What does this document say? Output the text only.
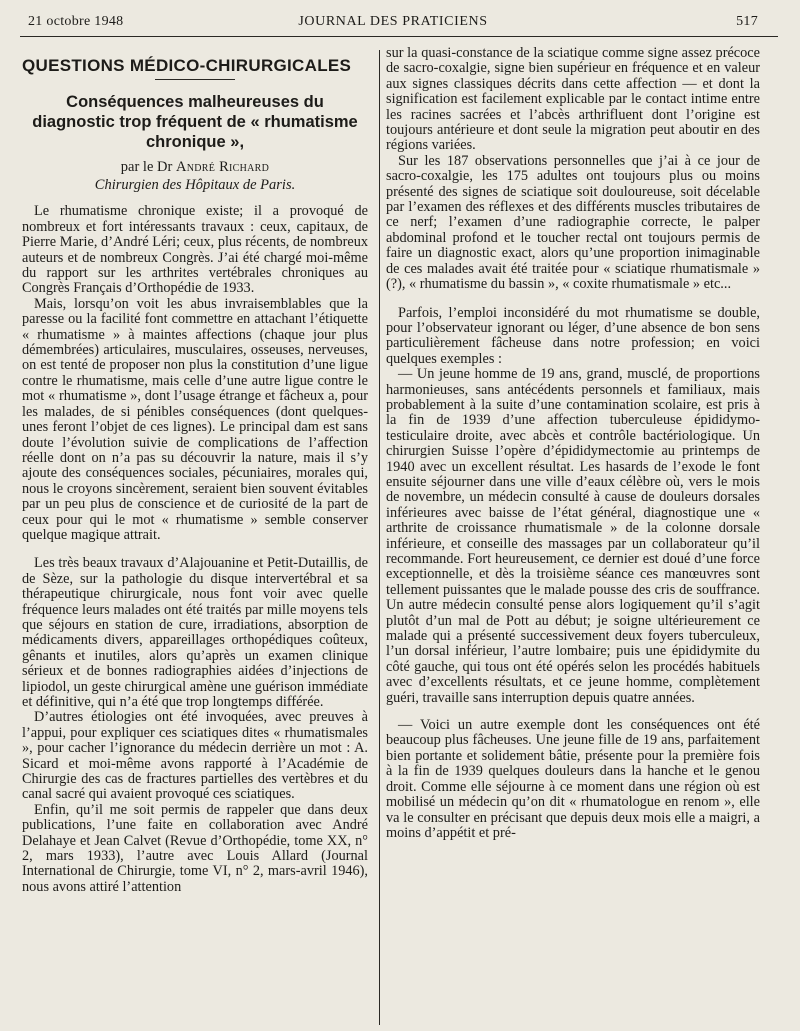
21 octobre 1948	JOURNAL DES PRATICIENS	517
QUESTIONS MÉDICO-CHIRURGICALES
Conséquences malheureuses du diagnostic trop fréquent de « rhumatisme chronique »,
par le Dr André Richard
Chirurgien des Hôpitaux de Paris.

Le rhumatisme chronique existe; il a provoqué de nombreux et fort intéressants travaux : ceux, capitaux, de Pierre Marie, d’André Léri; ceux, plus récents, de nombreux auteurs et de nombreux Congrès. J’ai été chargé moi-même du rapport sur les arthrites vertébrales chroniques au Congrès Français d’Orthopédie de 1933.

Mais, lorsqu’on voit les abus invraisemblables que la paresse ou la facilité font commettre en attachant l’étiquette « rhumatisme » à maintes affections (chaque jour plus démembrées) articulaires, musculaires, osseuses, nerveuses, on est tenté de proposer non plus la constitution d’une ligue contre le rhumatisme, mais celle d’une autre ligue contre le mot « rhumatisme », dont l’usage étrange et fâcheux a, pour les malades, de si pénibles conséquences (dont quelques-unes feront l’objet de ces lignes). Le principal dam est sans doute l’évolution suivie de complications de l’affection réelle dont on n’a pas su découvrir la nature, mais il s’y ajoute des conséquences sociales, pécuniaires, morales qui, nous le croyons sincèrement, seraient bien souvent évitables par un peu plus de conscience et de curiosité de la part de ceux pour qui le mot « rhumatisme » semble conserver quelque magique attrait.

Les très beaux travaux d’Alajouanine et Petit-Dutaillis, de de Sèze, sur la pathologie du disque intervertébral et sa thérapeutique chirurgicale, nous font voir avec quelle fréquence leurs malades ont été traités par mille moyens tels que séjours en station de cure, irradiations, absorption de médicaments divers, appareillages orthopédiques coûteux, gênants et inutiles, alors qu’après un examen clinique sérieux et de bonnes radiographies aidées d’injections de lipiodol, un geste chirurgical amène une guérison immédiate et définitive, qui n’a été que trop longtemps différée.

D’autres étiologies ont été invoquées, avec preuves à l’appui, pour expliquer ces sciatiques dites « rhumatismales », pour cacher l’ignorance du médecin derrière un mot : A. Sicard et moi-même avons rapporté à l’Académie de Chirurgie des cas de fractures partielles des vertèbres et du canal sacré qui avaient provoqué ces sciatiques.

Enfin, qu’il me soit permis de rappeler que dans deux publications, l’une faite en collaboration avec André Delahaye et Jean Calvet (Revue d’Orthopédie, tome XX, n° 2, mars 1933), l’autre avec Louis Allard (Journal International de Chirurgie, tome VI, n° 2, mars-avril 1946), nous avons attiré l’attention

sur la quasi-constance de la sciatique comme signe assez précoce de sacro-coxalgie, signe bien supérieur en fréquence et en valeur aux signes classiques décrits dans cette affection — et dont la signification est facilement explicable par le contact intime entre les racines sacrées et l’abcès arthrifluent dont l’origine est toujours antérieure et dont seule la migration peut aboutir en des régions variées.

Sur les 187 observations personnelles que j’ai à ce jour de sacro-coxalgie, les 175 adultes ont toujours plus ou moins présenté des signes de sciatique soit douloureuse, soit décelable par l’examen des réflexes et des différents muscles tributaires de ce nerf; l’examen d’une radiographie correcte, le palper abdominal profond et le toucher rectal ont toujours permis de faire un diagnostic exact, alors qu’une proportion inimaginable de ces malades avait été traitée pour « sciatique rhumatismale » (?), « rhumatisme du bassin », « coxite rhumatismale » etc...

Parfois, l’emploi inconsidéré du mot rhumatisme se double, pour l’observateur ignorant ou léger, d’une absence de bon sens particulièrement fâcheuse dans notre profession; en voici quelques exemples :

— Un jeune homme de 19 ans, grand, musclé, de proportions harmonieuses, sans antécédents personnels et familiaux, mais probablement à la suite d’une contamination scolaire, est pris à la fin de 1939 d’une affection tuberculeuse épididymo-testiculaire droite, avec abcès et contrôle bactériologique. Un chirurgien Suisse l’opère d’épididymectomie au printemps de 1940 avec un excellent résultat. Les hasards de l’exode le font ensuite séjourner dans une ville d’eaux célèbre où, vers le mois de novembre, un médecin consulté à cause de douleurs dorsales inférieures avec baisse de l’état général, diagnostique une « arthrite de croissance rhumatismale » de la colonne dorsale inférieure, et conseille des massages par un collaborateur qu’il recommande. Fort heureusement, ce dernier est doué d’une force exceptionnelle, et dès la troisième séance ces manœuvres sont tellement puissantes que le malade pousse des cris de souffrance. Un autre médecin consulté pense alors logiquement qu’il s’agit plutôt d’un mal de Pott au début; je soigne ultérieurement ce malade qui a présenté successivement deux foyers tuberculeux, l’un dorsal inférieur, l’autre lombaire; puis une épididymite du côté gauche, qui tous ont été opérés selon les procédés habituels avec d’excellents résultats, et ce jeune homme, complètement guéri, travaille sans interruption depuis quatre années.

— Voici un autre exemple dont les conséquences ont été beaucoup plus fâcheuses. Une jeune fille de 19 ans, parfaitement bien portante et solidement bâtie, présente pour la première fois à la fin de 1939 quelques douleurs dans la hanche et le genou droit. Comme elle séjourne à ce moment dans une région où est mobilisé un médecin qu’on dit « rhumatologue en renom », elle va le consulter en précisant que depuis deux mois elle a maigri, a moins d’appétit et pré-
